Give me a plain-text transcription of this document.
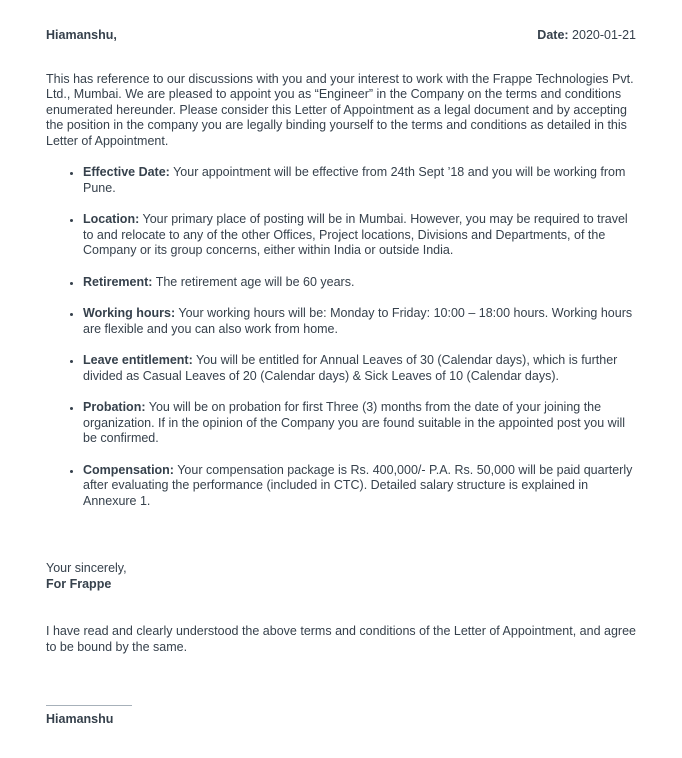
Hiamanshu,	Date: 2020-01-21

This has reference to our discussions with you and your interest to work with the Frappe Technologies Pvt. Ltd., Mumbai. We are pleased to appoint you as “Engineer” in the Company on the terms and conditions enumerated hereunder. Please consider this Letter of Appointment as a legal document and by accepting the position in the company you are legally binding yourself to the terms and conditions as detailed in this Letter of Appointment.

• Effective Date: Your appointment will be effective from 24th Sept ’18 and you will be working from Pune.
• Location: Your primary place of posting will be in Mumbai. However, you may be required to travel to and relocate to any of the other Offices, Project locations, Divisions and Departments, of the Company or its group concerns, either within India or outside India.
• Retirement: The retirement age will be 60 years.
• Working hours: Your working hours will be: Monday to Friday: 10:00 – 18:00 hours. Working hours are flexible and you can also work from home.
• Leave entitlement: You will be entitled for Annual Leaves of 30 (Calendar days), which is further divided as Casual Leaves of 20 (Calendar days) & Sick Leaves of 10 (Calendar days).
• Probation: You will be on probation for first Three (3) months from the date of your joining the organization. If in the opinion of the Company you are found suitable in the appointed post you will be confirmed.
• Compensation: Your compensation package is Rs. 400,000/- P.A. Rs. 50,000 will be paid quarterly after evaluating the performance (included in CTC). Detailed salary structure is explained in Annexure 1.
Your sincerely,
For Frappe

I have read and clearly understood the above terms and conditions of the Letter of Appointment, and agree to be bound by the same.

Hiamanshu
